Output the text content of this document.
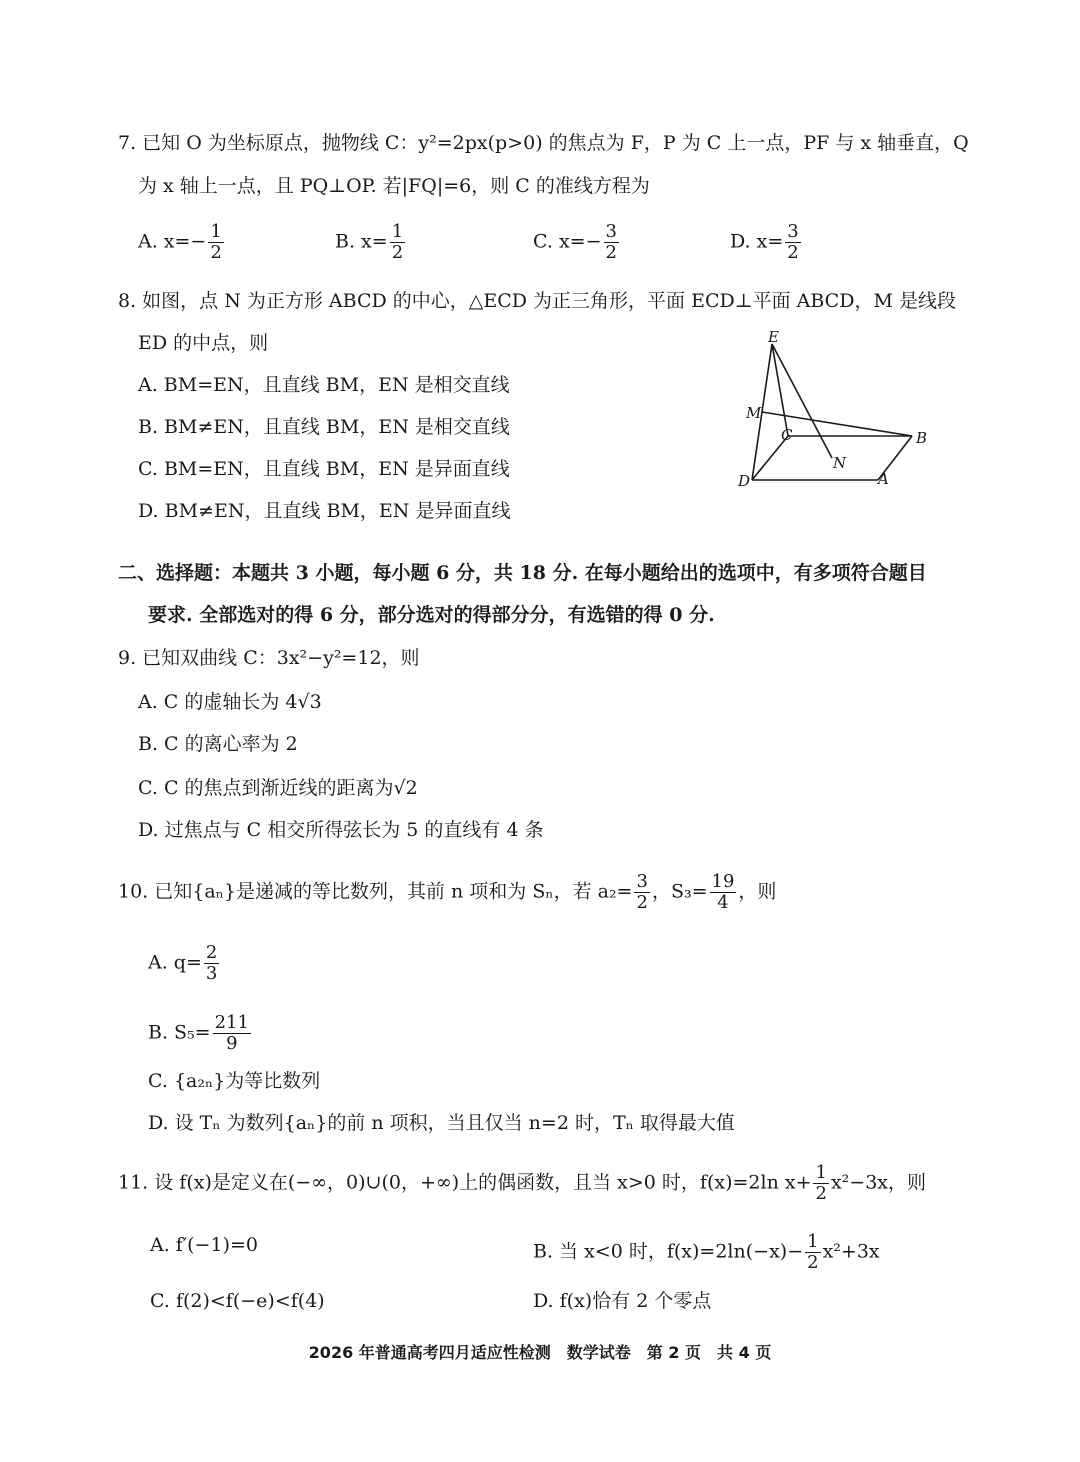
7. 已知 O 为坐标原点，抛物线 C：y²=2px(p>0) 的焦点为 F，P 为 C 上一点，PF 与 x 轴垂直，Q
为 x 轴上一点，且 PQ⊥OP. 若|FQ|=6，则 C 的准线方程为
A. $x=- \frac{1}{2}$	B. $x= \frac{1}{2}$	C. $x=- \frac{3}{2}$	D. $x= \frac{3}{2}$
8. 如图，点 N 为正方形 ABCD 的中心，△ECD 为正三角形，平面 ECD⊥平面 ABCD，M 是线段
ED 的中点，则
A. BM=EN，且直线 BM，EN 是相交直线
B. BM≠EN，且直线 BM，EN 是相交直线
C. BM=EN，且直线 BM，EN 是异面直线
D. BM≠EN，且直线 BM，EN 是异面直线
E
M
C	B
N
D	A
二、选择题：本题共 3 小题，每小题 6 分，共 18 分. 在每小题给出的选项中，有多项符合题目
要求. 全部选对的得 6 分，部分选对的得部分分，有选错的得 0 分.
9. 已知双曲线 C：3x²−y²=12，则
A. C 的虚轴长为 4√3
B. C 的离心率为 2
C. C 的焦点到渐近线的距离为√2
D. 过焦点与 C 相交所得弦长为 5 的直线有 4 条
10. 已知{aₙ}是递减的等比数列，其前 n 项和为 Sₙ，若 $a_2= \frac{3}{2}$ ，$S_3= \frac{19}{4}$ ，则
A. $q= \frac{2}{3}$
B. $S_5= \frac{211}{9}$
C. {a₂ₙ}为等比数列
D. 设 Tₙ 为数列{aₙ}的前 n 项积，当且仅当 n=2 时，Tₙ 取得最大值
11. 设 f(x)是定义在(−∞，0)∪(0，+∞)上的偶函数，且当 x>0 时，f(x)=2ln $x+ \frac{1}{2} x^2-3x$，则
A. f′(−1)=0	B. 当 x<0 时，$f(x)=2\ln(-x)- \frac{1}{2} x^2+3x$
C. f(2)<f(−e)<f(4)	D. f(x)恰有 2 个零点
2026 年普通高考四月适应性检测　数学试卷　第 2 页　共 4 页
